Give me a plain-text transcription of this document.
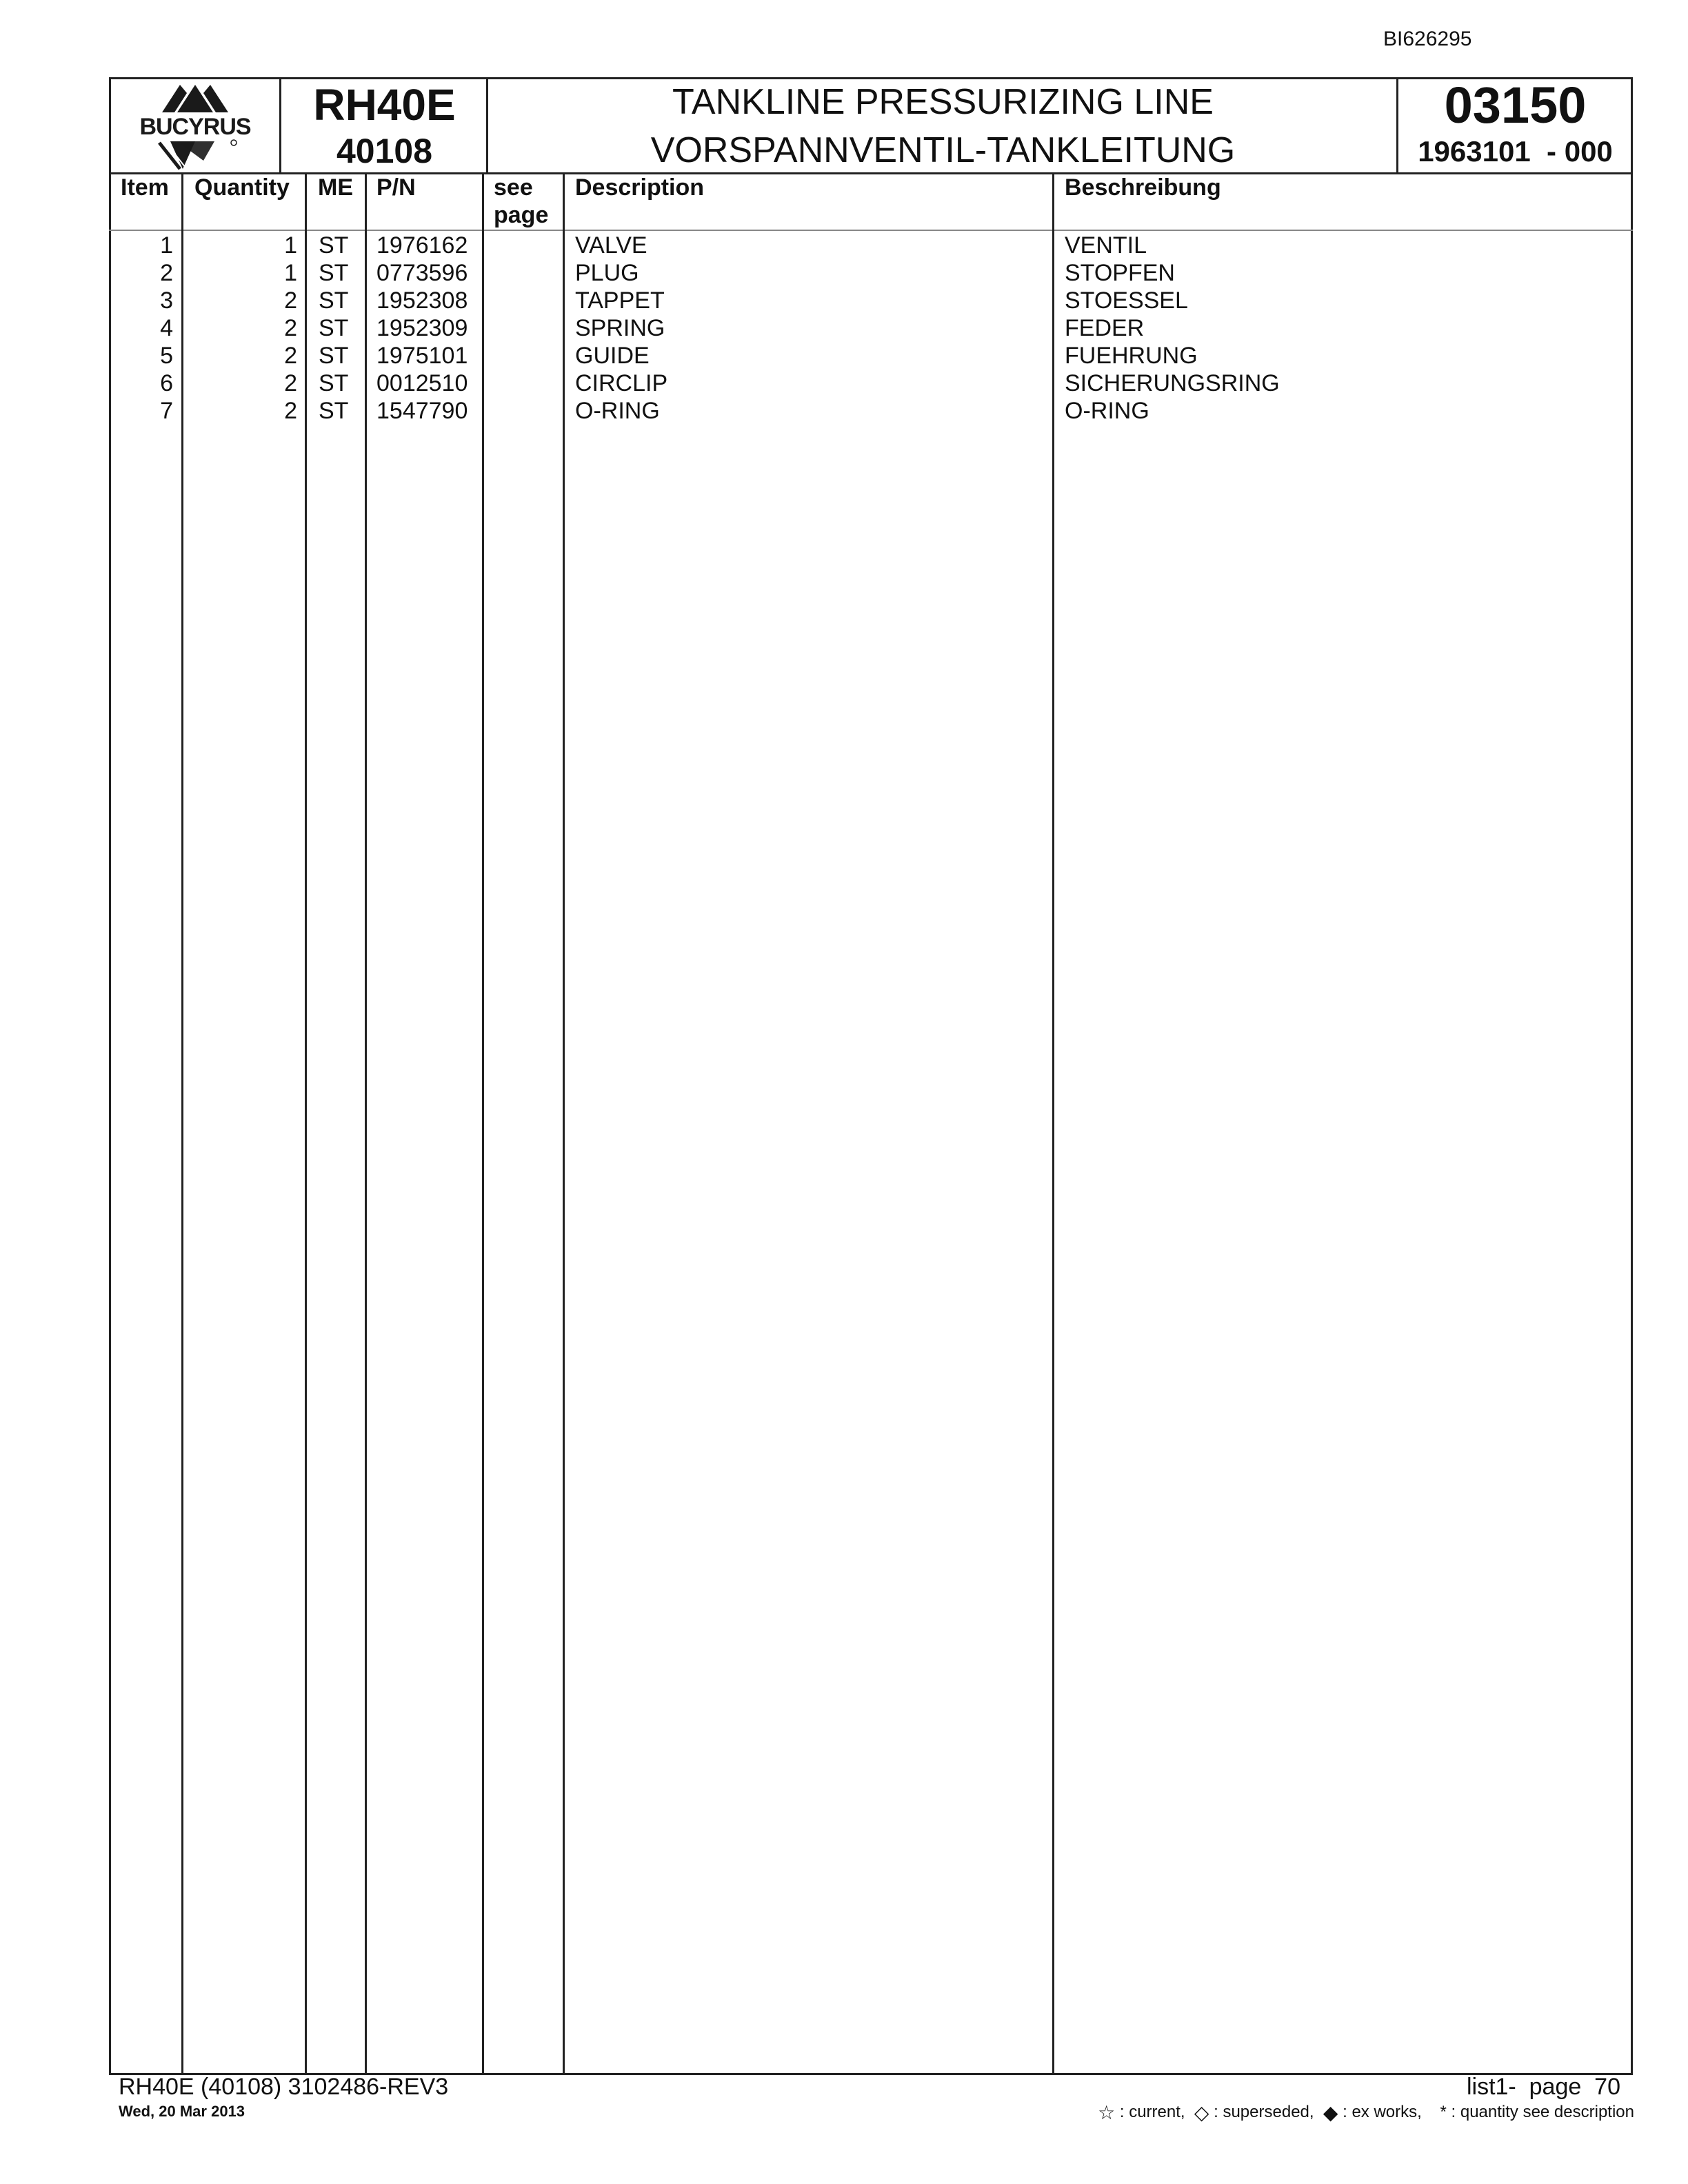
BI626295
BUCYRUS	RH40E
40108
TANKLINE PRESSURIZING LINE
VORSPANNVENTIL-TANKLEITUNG
03150
1963101  - 000
Item Quantity ME P/N	see
page
Description	Beschreibung
1	1 ST	1976162	VALVE	VENTIL
2	1 ST	0773596	PLUG	STOPFEN
3	2 ST	1952308	TAPPET	STOESSEL
4	2 ST	1952309	SPRING	FEDER
5	2 ST	1975101	GUIDE	FUEHRUNG
6	2 ST	0012510	CIRCLIP	SICHERUNGSRING
7	2 ST	1547790	O-RING	O-RING
RH40E (40108) 3102486-REV3
Wed, 20 Mar 2013
list1-  page  70
☆ : current, ◇ : superseded, ◆ : ex works, * : quantity see description
